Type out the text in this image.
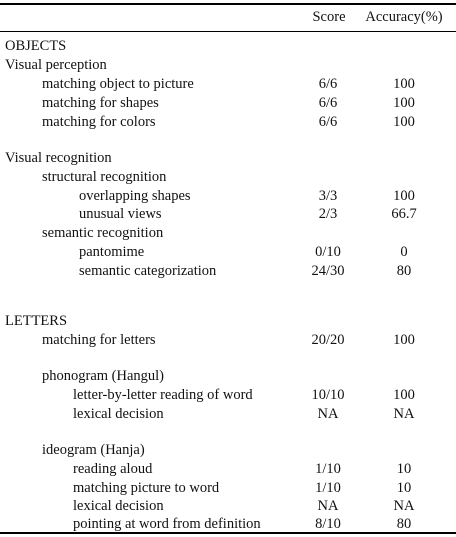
Score	Accuracy(%)
OBJECTS
Visual perception
matching object to picture	6/6	100
matching for shapes	6/6	100
matching for colors	6/6	100
Visual recognition
structural recognition
overlapping shapes	3/3	100
unusual views	2/3	66.7
semantic recognition
pantomime	0/10	0
semantic categorization	24/30	80
LETTERS
matching for letters	20/20	100
phonogram (Hangul)
letter-by-letter reading of word	10/10	100
lexical decision	NA	NA
ideogram (Hanja)
reading aloud	1/10	10
matching picture to word	1/10	10
lexical decision	NA	NA
pointing at word from definition	8/10	80
